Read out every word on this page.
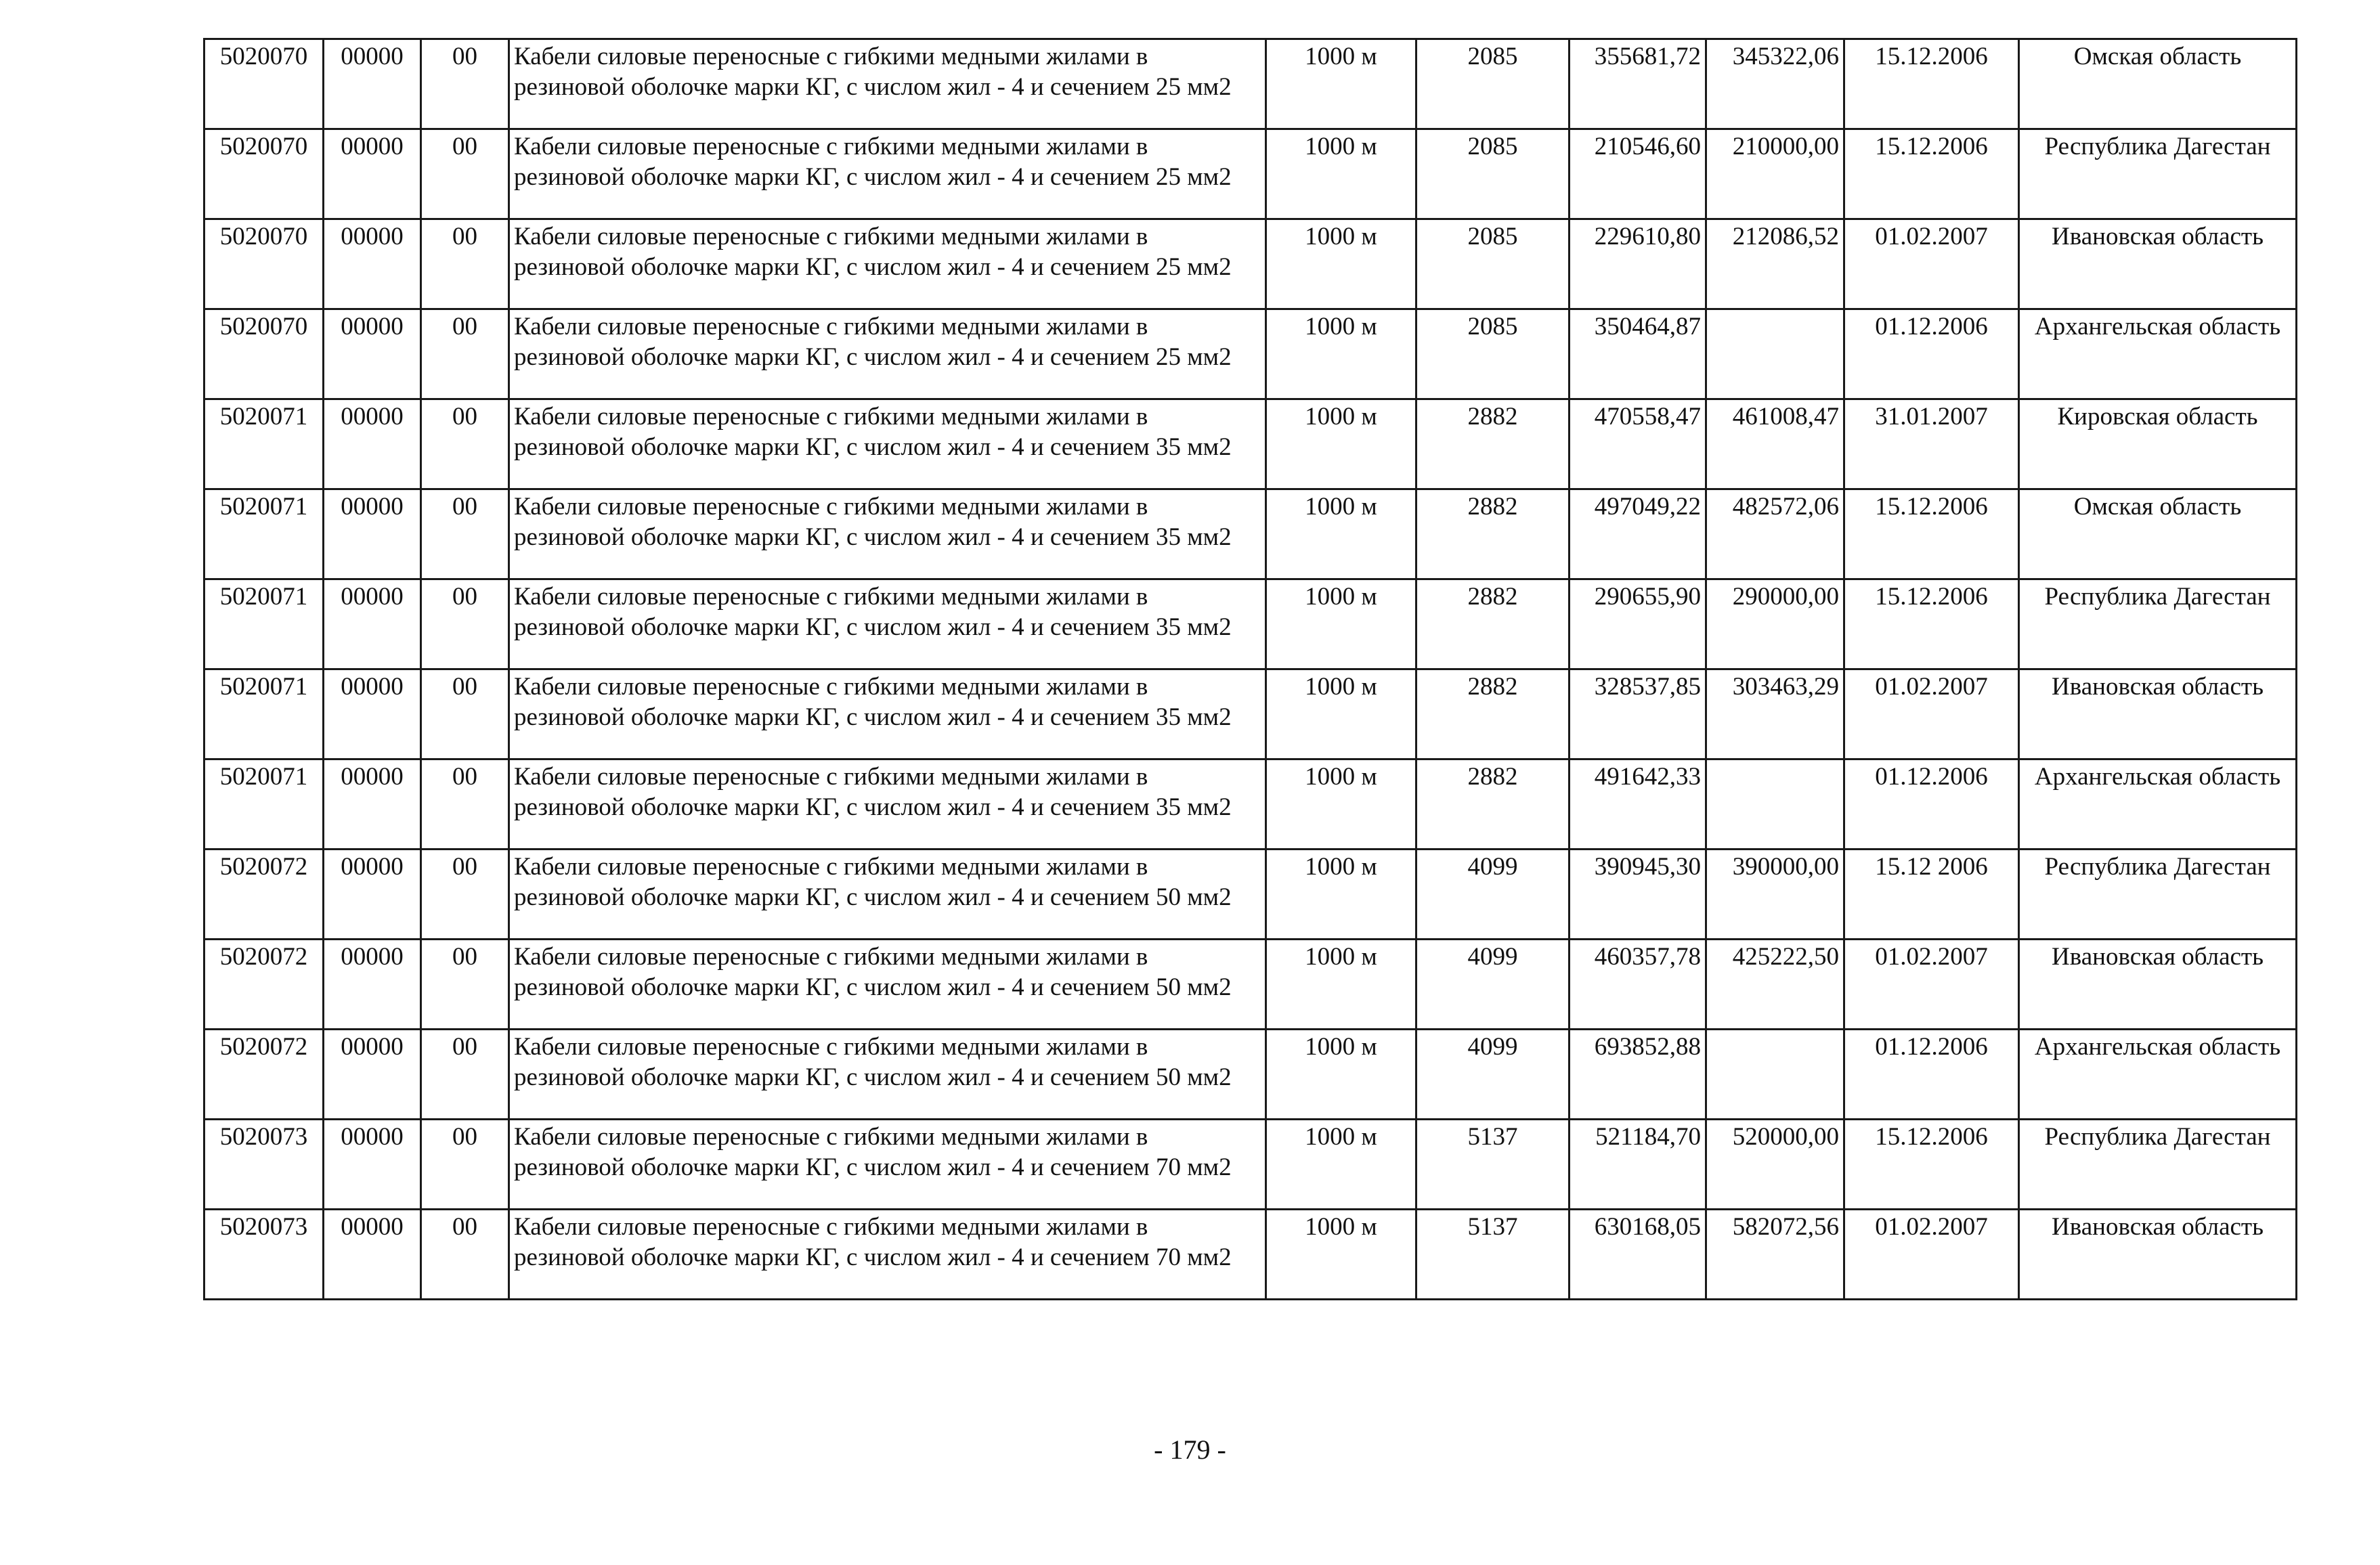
5020070	00000	00	Кабели силовые переносные с гибкими медными жилами в резиновой оболочке марки КГ, с числом жил - 4 и сечением 25 мм2	1000 м	2085	355681,72	345322,06	15.12.2006	Омская область
5020070	00000	00	Кабели силовые переносные с гибкими медными жилами в резиновой оболочке марки КГ, с числом жил - 4 и сечением 25 мм2	1000 м	2085	210546,60	210000,00	15.12.2006	Республика Дагестан
5020070	00000	00	Кабели силовые переносные с гибкими медными жилами в резиновой оболочке марки КГ, с числом жил - 4 и сечением 25 мм2	1000 м	2085	229610,80	212086,52	01.02.2007	Ивановская область
5020070	00000	00	Кабели силовые переносные с гибкими медными жилами в резиновой оболочке марки КГ, с числом жил - 4 и сечением 25 мм2	1000 м	2085	350464,87		01.12.2006	Архангельская область
5020071	00000	00	Кабели силовые переносные с гибкими медными жилами в резиновой оболочке марки КГ, с числом жил - 4 и сечением 35 мм2	1000 м	2882	470558,47	461008,47	31.01.2007	Кировская область
5020071	00000	00	Кабели силовые переносные с гибкими медными жилами в резиновой оболочке марки КГ, с числом жил - 4 и сечением 35 мм2	1000 м	2882	497049,22	482572,06	15.12.2006	Омская область
5020071	00000	00	Кабели силовые переносные с гибкими медными жилами в резиновой оболочке марки КГ, с числом жил - 4 и сечением 35 мм2	1000 м	2882	290655,90	290000,00	15.12.2006	Республика Дагестан
5020071	00000	00	Кабели силовые переносные с гибкими медными жилами в резиновой оболочке марки КГ, с числом жил - 4 и сечением 35 мм2	1000 м	2882	328537,85	303463,29	01.02.2007	Ивановская область
5020071	00000	00	Кабели силовые переносные с гибкими медными жилами в резиновой оболочке марки КГ, с числом жил - 4 и сечением 35 мм2	1000 м	2882	491642,33		01.12.2006	Архангельская область
5020072	00000	00	Кабели силовые переносные с гибкими медными жилами в резиновой оболочке марки КГ, с числом жил - 4 и сечением 50 мм2	1000 м	4099	390945,30	390000,00	15.12 2006	Республика Дагестан
5020072	00000	00	Кабели силовые переносные с гибкими медными жилами в резиновой оболочке марки КГ, с числом жил - 4 и сечением 50 мм2	1000 м	4099	460357,78	425222,50	01.02.2007	Ивановская область
5020072	00000	00	Кабели силовые переносные с гибкими медными жилами в резиновой оболочке марки КГ, с числом жил - 4 и сечением 50 мм2	1000 м	4099	693852,88		01.12.2006	Архангельская область
5020073	00000	00	Кабели силовые переносные с гибкими медными жилами в резиновой оболочке марки КГ, с числом жил - 4 и сечением 70 мм2	1000 м	5137	521184,70	520000,00	15.12.2006	Республика Дагестан
5020073	00000	00	Кабели силовые переносные с гибкими медными жилами в резиновой оболочке марки КГ, с числом жил - 4 и сечением 70 мм2	1000 м	5137	630168,05	582072,56	01.02.2007	Ивановская область
- 179 -
